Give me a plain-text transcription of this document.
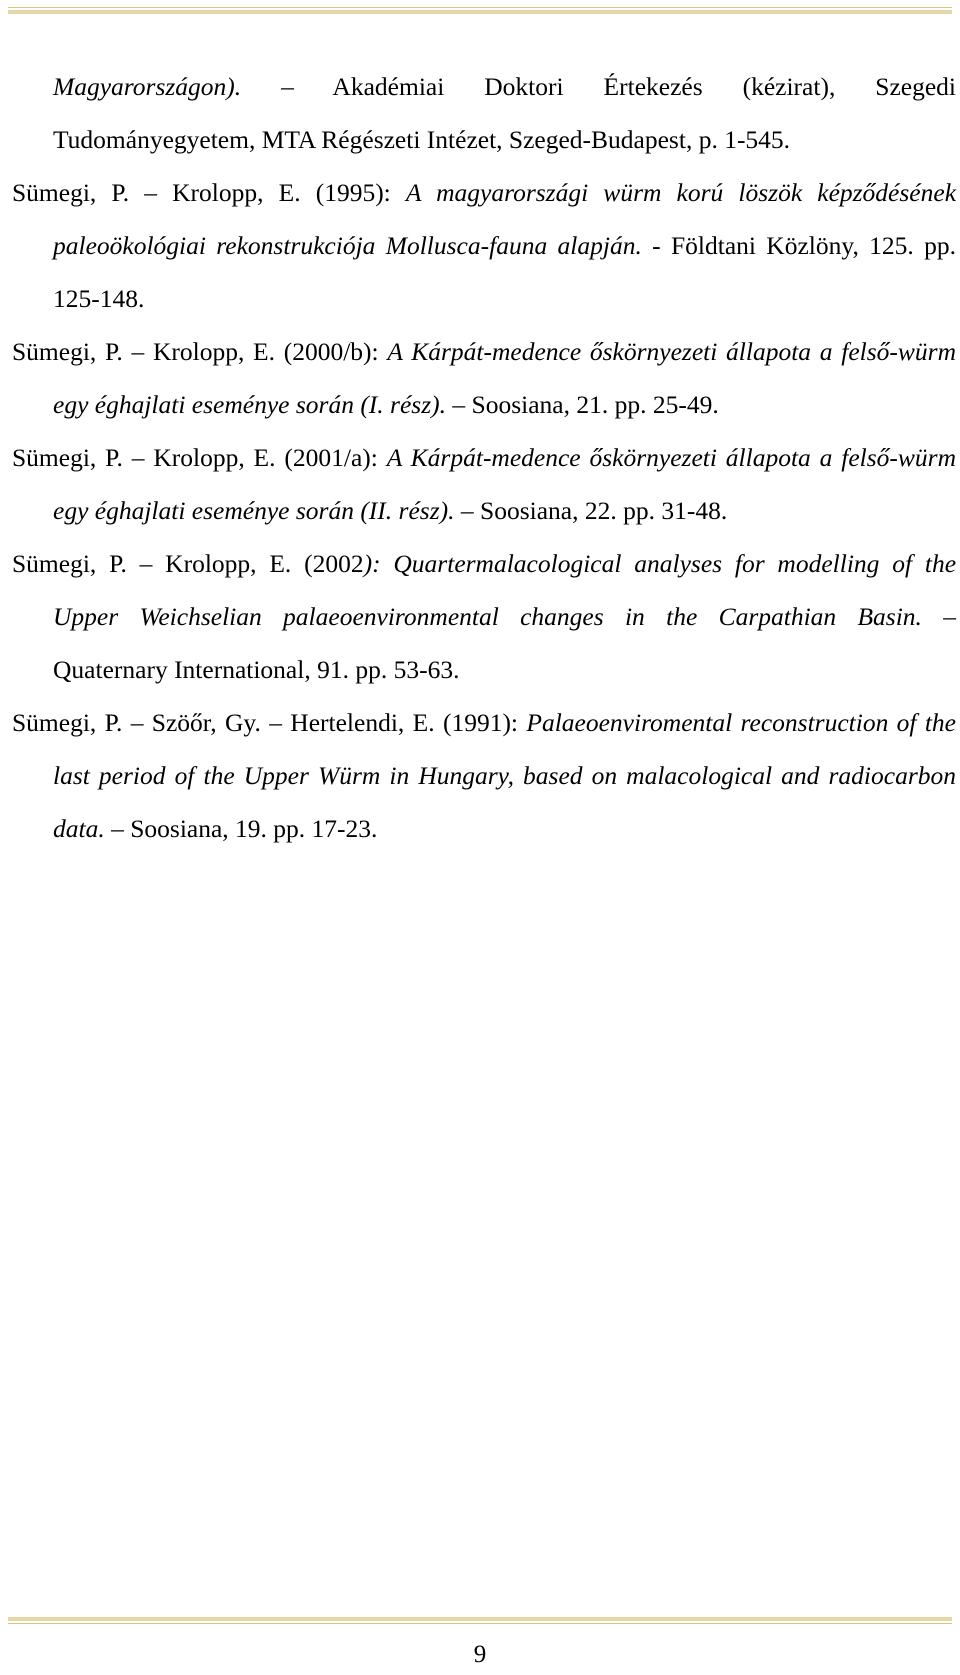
Magyarországon). – Akadémiai Doktori Értekezés (kézirat), Szegedi Tudományegyetem, MTA Régészeti Intézet, Szeged-Budapest, p. 1-545.

Sümegi, P. – Krolopp, E. (1995): A magyarországi würm korú löszök képződésének paleoökológiai rekonstrukciója Mollusca-fauna alapján. - Földtani Közlöny, 125. pp. 125-148.

Sümegi, P. – Krolopp, E. (2000/b): A Kárpát-medence őskörnyezeti állapota a felső-würm egy éghajlati eseménye során (I. rész). – Soosiana, 21. pp. 25-49.

Sümegi, P. – Krolopp, E. (2001/a): A Kárpát-medence őskörnyezeti állapota a felső-würm egy éghajlati eseménye során (II. rész). – Soosiana, 22. pp. 31-48.

Sümegi, P. – Krolopp, E. (2002): Quartermalacological analyses for modelling of the Upper Weichselian palaeoenvironmental changes in the Carpathian Basin. – Quaternary International, 91. pp. 53-63.

Sümegi, P. – Szöőr, Gy. – Hertelendi, E. (1991): Palaeoenviromental reconstruction of the last period of the Upper Würm in Hungary, based on malacological and radiocarbon data. – Soosiana, 19. pp. 17-23.

9
